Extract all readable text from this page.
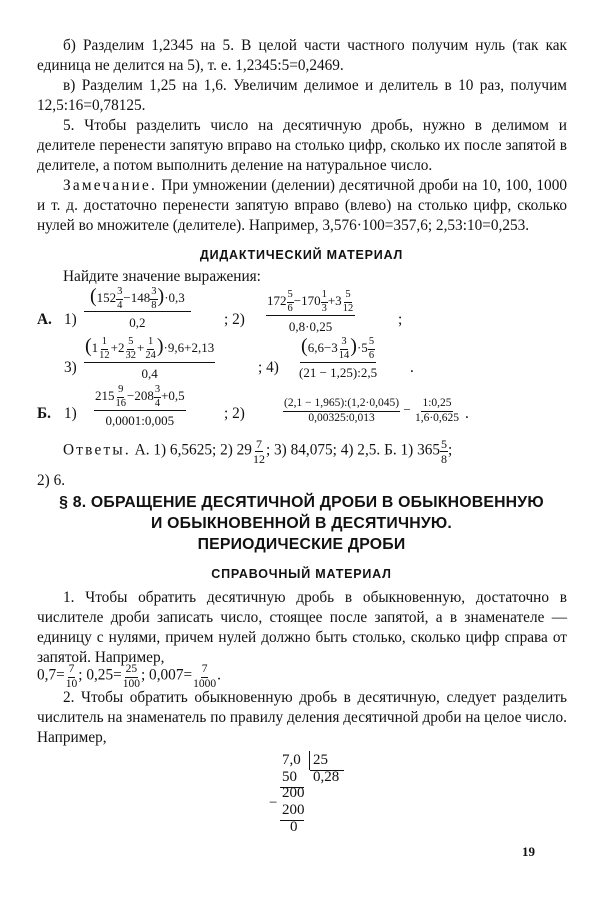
б) Разделим 1,2345 на 5. В целой части частного получим нуль (так как единица не делится на 5), т. е. 1,2345:5=0,2469.

в) Разделим 1,25 на 1,6. Увеличим делимое и делитель в 10 раз, получим 12,5:16=0,78125.

5. Чтобы разделить число на десятичную дробь, нужно в делимом и делителе перенести запятую вправо на столько цифр, сколько их после запятой в делителе, а потом выполнить деление на натуральное число.

Замечание. При умножении (делении) десятичной дроби на 10, 100, 1000 и т. д. достаточно перенести запятую вправо (влево) на столько цифр, сколько нулей во множителе (делителе). Например, 3,576·100=357,6; 2,53:10=0,253.

ДИДАКТИЧЕСКИЙ МАТЕРИАЛ
Найдите значение выражения:
А. $1) \frac{(152 \frac{3}{4} -148 \frac{3}{8} )\cdot 0,3}{0,2}$ ; $2) \frac{172 \frac{5}{6} -170 \frac{1}{3} +3 \frac{5}{12}}{0,8\cdot 0,25}$	;
$3) \frac{(1 \frac{1}{12} +2 \frac{5}{32} + \frac{1}{24} )\cdot 9,6+2,13}{0,4}$	; $4) \frac{(6,6-3 \frac{3}{14} )\cdot 5 \frac{5}{6}}{(21 - 1,25):2,5}$ .
Б. $1) \frac{215 \frac{9}{16} -208 \frac{3}{4} +0,5}{0,0001:0,005}$	; 2)	$\frac{(2,1 - 1,965):(1,2\cdot 0,045)}{0,00325:0,013} - \frac{1:0,25}{1,6\cdot 0,625}$ .
Ответы. А. 1) 6,5625; 2) $29 \frac{7}{12}$ ; 3) 84,075; 4) 2,5. Б. 1) $365 \frac{5}{8}$ ;
2) 6.
§ 8. ОБРАЩЕНИЕ ДЕСЯТИЧНОЙ ДРОБИ В ОБЫКНОВЕННУЮ
И ОБЫКНОВЕННОЙ В ДЕСЯТИЧНУЮ.
ПЕРИОДИЧЕСКИЕ ДРОБИ
СПРАВОЧНЫЙ МАТЕРИАЛ

1. Чтобы обратить десятичную дробь в обыкновенную, достаточно в числителе дроби записать число, стоящее после запятой, а в знаменателе — единицу с нулями, причем нулей должно быть столько, сколько цифр справа от запятой. Например,

$0,7= \frac{7}{10}$ ; $0,25= \frac{25}{100}$ ; $0,007= \frac{7}{1000}$ .

2. Чтобы обратить обыкновенную дробь в десятичную, следует разделить числитель на знаменатель по правилу деления десятичной дроби на целое число. Например,

7,0 25
50 0,28
200
− 200
0
19
